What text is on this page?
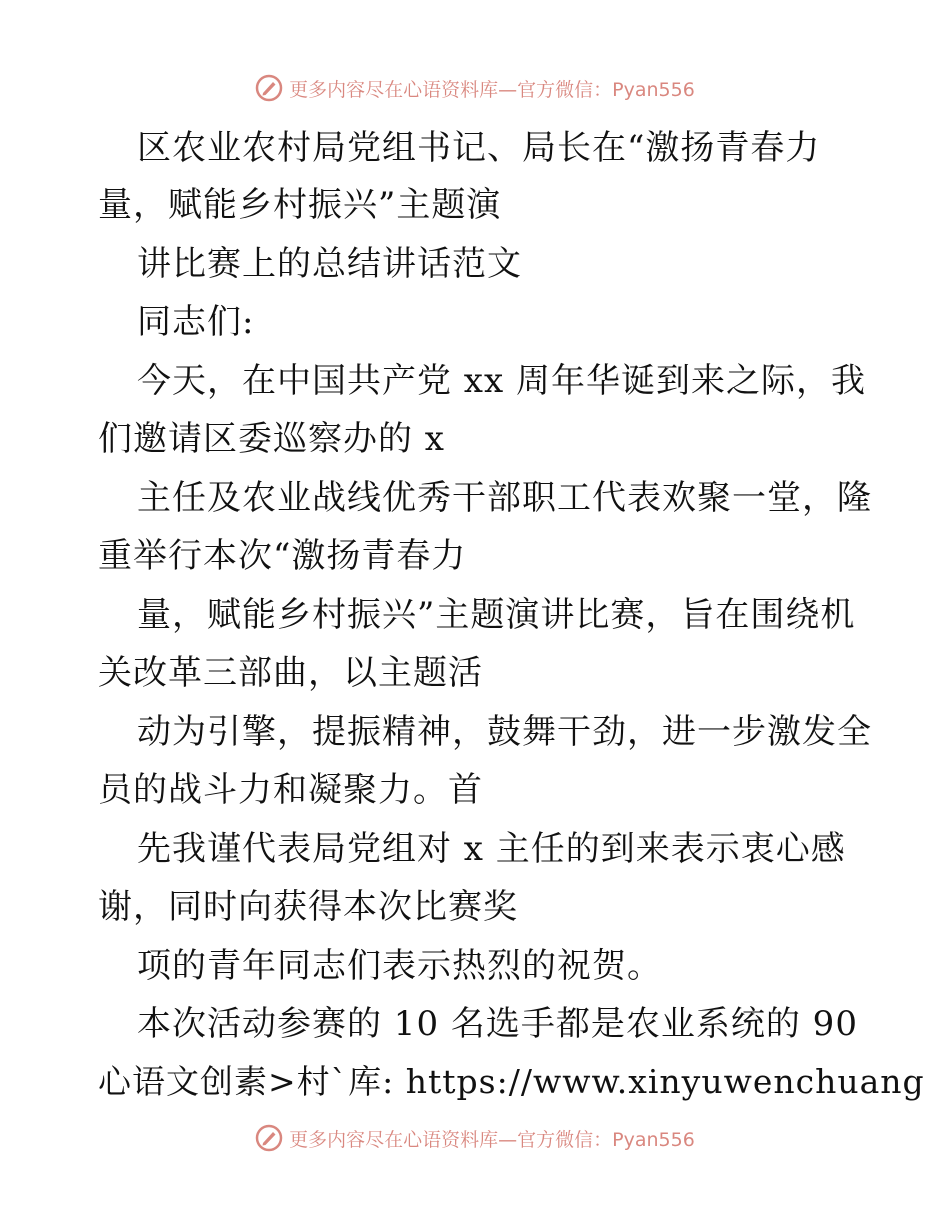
更多内容尽在心语资料库—官方微信：Pyan556
区农业农村局党组书记、局长在“激扬青春力
量，赋能乡村振兴”主题演
讲比赛上的总结讲话范文
同志们:
今天，在中国共产党 xx 周年华诞到来之际，我
们邀请区委巡察办的 x
主任及农业战线优秀干部职工代表欢聚一堂，隆
重举行本次“激扬青春力
量，赋能乡村振兴”主题演讲比赛，旨在围绕机
关改革三部曲，以主题活
动为引擎，提振精神，鼓舞干劲，进一步激发全
员的战斗力和凝聚力。首
先我谨代表局党组对 x 主任的到来表示衷心感
谢，同时向获得本次比赛奖
项的青年同志们表示热烈的祝贺。
本次活动参赛的 10 名选手都是农业系统的 90
心语文创素>村`库: https://www.xinyuwenchuang
更多内容尽在心语资料库—官方微信：Pyan556
